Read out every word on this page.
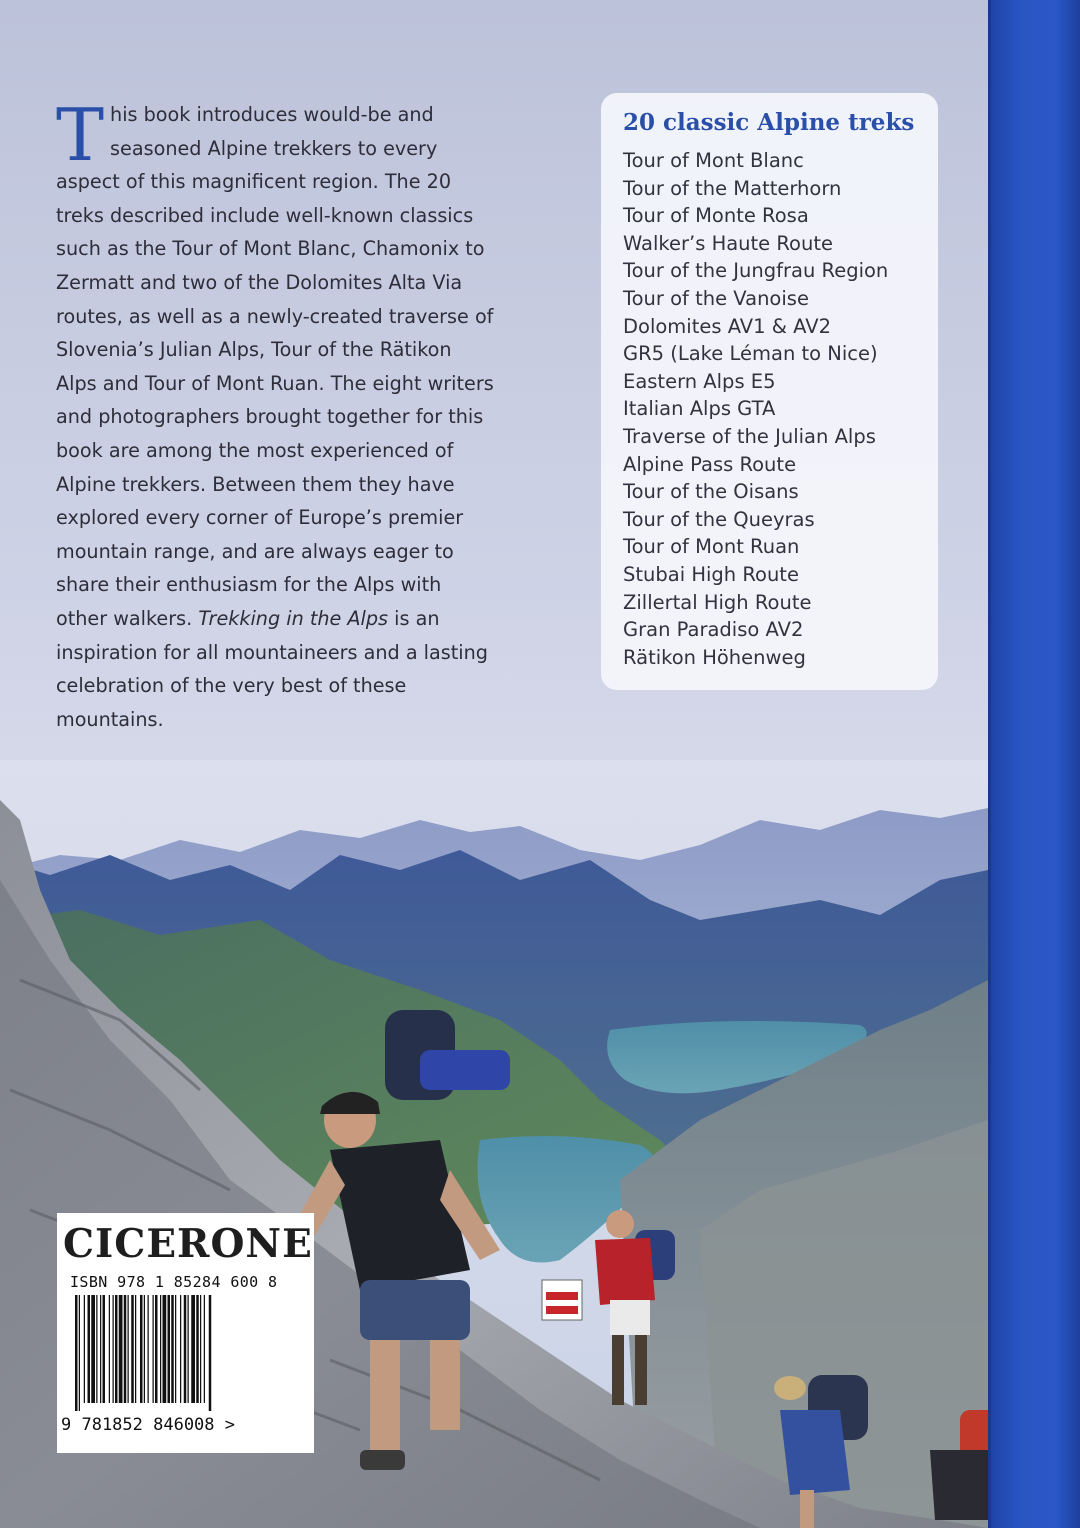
This book introduces would-be and seasoned Alpine trekkers to every aspect of this magnificent region. The 20 treks described include well-known classics such as the Tour of Mont Blanc, Chamonix to Zermatt and two of the Dolomites Alta Via routes, as well as a newly-created traverse of Slovenia’s Julian Alps, Tour of the Rätikon Alps and Tour of Mont Ruan. The eight writers and photographers brought together for this book are among the most experienced of Alpine trekkers. Between them they have explored every corner of Europe’s premier mountain range, and are always eager to share their enthusiasm for the Alps with other walkers. Trekking in the Alps is an inspiration for all mountaineers and a lasting celebration of the very best of these mountains.

20 classic Alpine treks
Tour of Mont Blanc
Tour of the Matterhorn
Tour of Monte Rosa
Walker’s Haute Route
Tour of the Jungfrau Region
Tour of the Vanoise
Dolomites AV1 & AV2
GR5 (Lake Léman to Nice)
Eastern Alps E5
Italian Alps GTA
Traverse of the Julian Alps
Alpine Pass Route
Tour of the Oisans
Tour of the Queyras
Tour of Mont Ruan
Stubai High Route
Zillertal High Route
Gran Paradiso AV2
Rätikon Höhenweg
CICERONE
ISBN 978 1 85284 600 8
9 781852 846008 >
